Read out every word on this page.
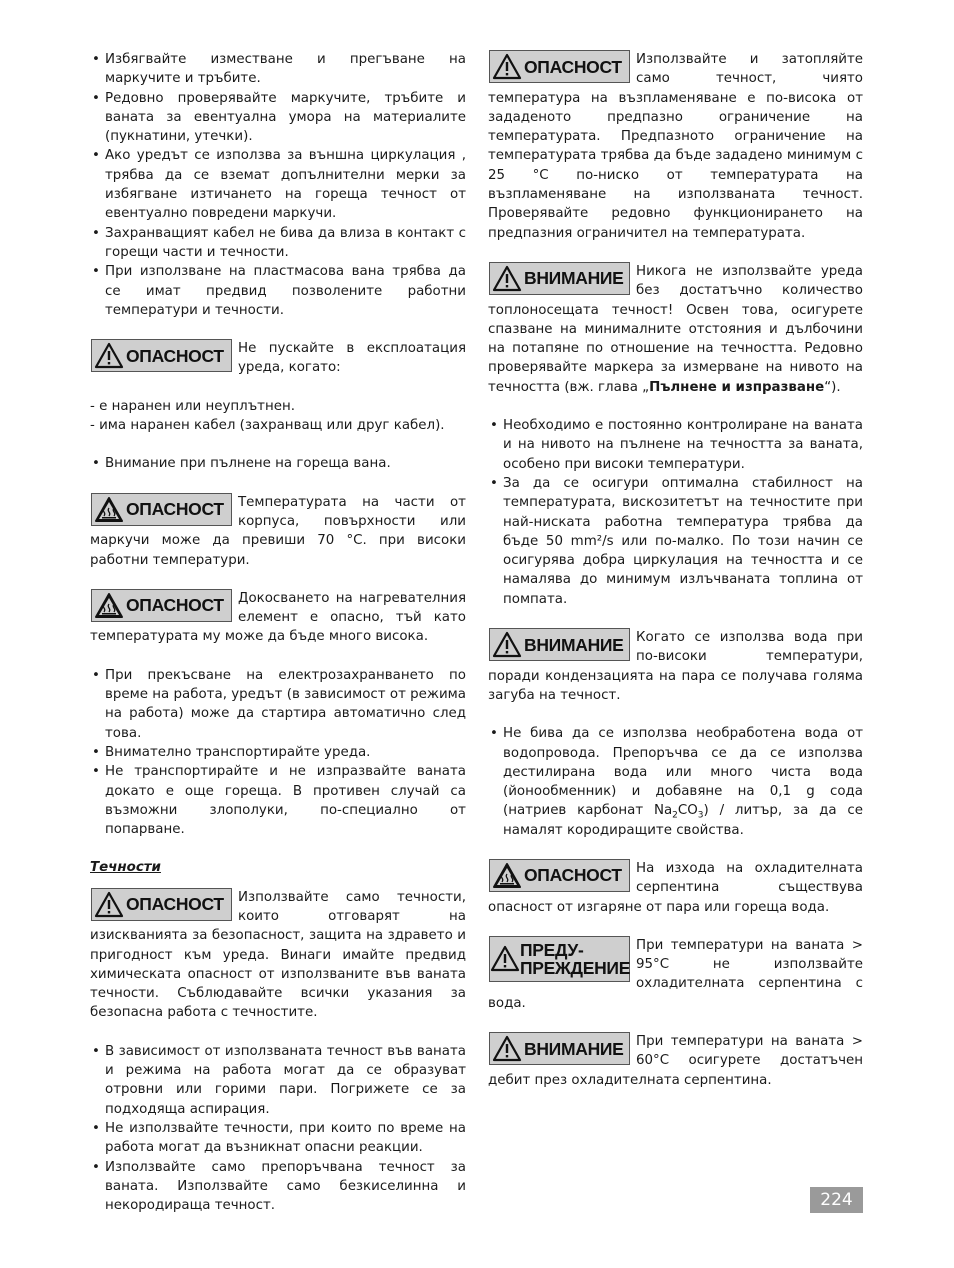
• Избягвайте изместване и прегъване на маркучите и тръбите.

• Редовно проверявайте маркучите, тръбите и ваната за евентуална умора на материалите (пукнатини, утечки).

• Ако уредът се използва за външна циркулация , трябва да се вземат допълнителни мерки за избягване изтичането на гореща течност от евентуално повредени маркучи.

• Захранващият кабел не бива да влиза в контакт с горещи части и течности.

• При използване на пластмасова вана трябва да се имат предвид позволените работни температури и течности.

ОПАСНОСТ	Не пускайте в експлоатация уреда, когато:

- е наранен или неуплътнен.

- има наранен кабел (захранващ или друг кабел).

• Внимание при пълнене на гореща вана.

ОПАСНОСТ	Температурата на части от корпуса, повърхности или маркучи може да превиши 70 °С. при високи работни температури.
ОПАСНОСТ	Докосването на нагревателния елемент е опасно, тъй като температурата му може да бъде много висока.

• При прекъсване на електрозахранването по време на работа, уредът (в зависимост от режима на работа) може да стартира автоматично след това.

• Внимателно транспортирайте уреда.

• Не транспортирайте и не изпразвайте ваната докато е още гореща. В противен случай са възможни злополуки, по-специално от попарване.

Течности

ОПАСНОСТ	Използвайте само течности, които отговарят на изискванията за безопасност, защита на здравето и пригодност към уреда. Винаги имайте предвид химическата опасност от използваните във ваната течности. Съблюдавайте всички указания за безопасна работа с течностите.

• В зависимост от използваната течност във ваната и режима на работа могат да се образуват отровни или горими пари. Погрижете се за подходяща аспирация.

• Не използвайте течности, при които по време на работа могат да възникнат опасни реакции.

• Използвайте само препоръчвана течност за ваната. Използвайте само безкиселинна и некородираща течност.

ОПАСНОСТ	Използвайте и затопляйте само течност, чиято температура на възпламеняване е по-висока от зададеното предпазно ограничение на температурата. Предпазното ограничение на температурата трябва да бъде зададено минимум с 25 °С по-ниско от температурата на възпламеняване на използваната течност. Проверявайте редовно функционирането на предпазния ограничител на температурата.
ВНИМАНИЕ Никога не използвайте уреда без достатъчно количество топлоносещата течност! Освен това, осигурете спазване на минималните отстояния и дълбочини на потапяне по отношение на течността. Редовно проверявайте маркера за измерване на нивото на течността (вж. глава „Пълнене и изпразване“).

• Необходимо е постоянно контролиране на ваната и на нивото на пълнене на течността за ваната, особено при високи температури.

• За да се осигури оптимална стабилност на температурата, вискозитетът на течностите при най-ниската работна температура трябва да бъде 50 mm²/s или по-малко. По този начин се осигурява добра циркулация на течността и се намалява до минимум излъчваната топлина от помпата.

ВНИМАНИЕ Когато се използва вода при по-високи температури, поради кондензацията на пара се получава голяма загуба на течност.

• Не бива да се използва необработена вода от водопровода. Препоръчва се да се използва дестилирана вода или много чиста вода (йонообменник) и добавяне на 0,1 g сода (натриев карбонат $Na_2CO_3$) / литър, за да се намалят кородиращите свойства.

ОПАСНОСТ	На изхода на охладителната серпентина съществува опасност от изгаряне от пара или гореща вода.
ПРЕДУ-
ПРЕЖДЕНИЕ
При температури на ваната > 95°С не използвайте охладителната серпентина с вода.
ВНИМАНИЕ При температури на ваната > 60°С осигурете достатъчен дебит през охладителната серпентина.
224
